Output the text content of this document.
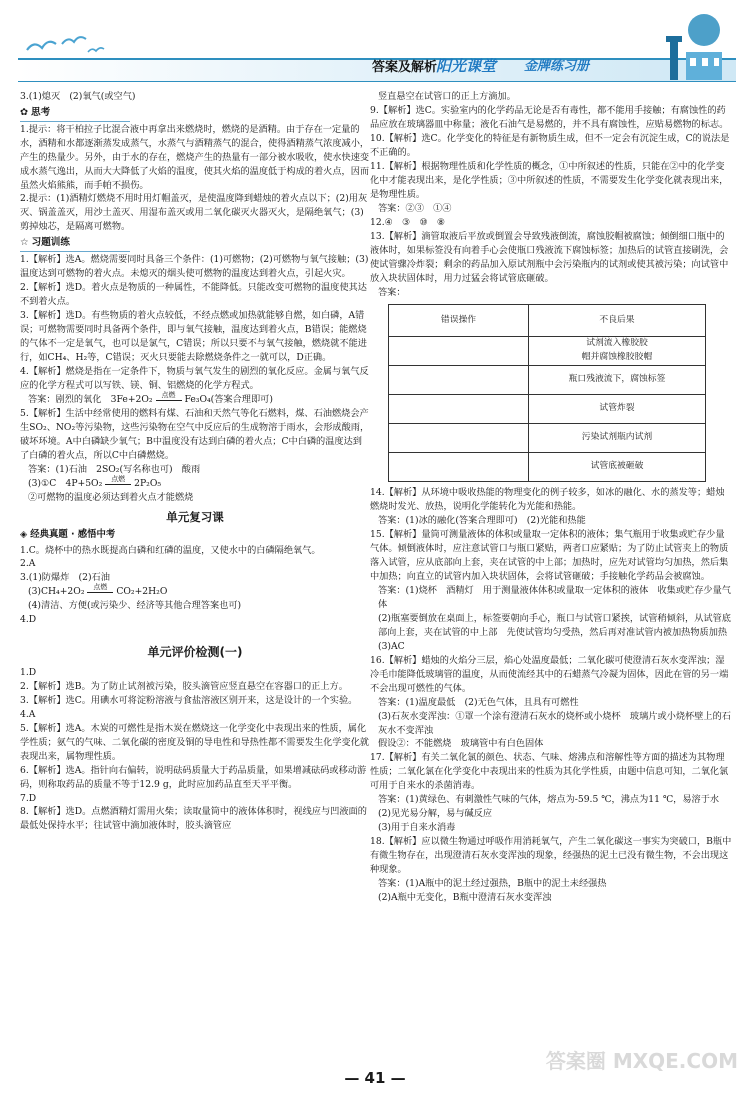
答案及解析
阳光课堂 金牌练习册

3.(1)熄灭　(2)氧气(或空气)

✿ 思考

1.提示：将干柏拉子比混合液中再拿出来燃烧时，燃烧的是酒精。由于存在一定量的水，酒精和水都逐渐蒸发成蒸气，水蒸气与酒精蒸气的混合，使得酒精蒸气浓度减小，产生的热量少。另外，由于水的存在，燃烧产生的热量有一部分被水吸收，使水快速变成水蒸气逸出，从而大大降低了火焰的温度，使其火焰的温度低于构成的着火点，因而虽然火焰熊熊，而手帕不损伤。

2.提示：(1)酒精灯燃烧不用时用灯帽盖灭，是使温度降到蜡烛的着火点以下；(2)用灰灭、锅盖盖灭，用沙土盖灭、用湿布盖灭或用二氧化碳灭火器灭火，是隔绝氧气；(3)剪掉烛芯，是隔离可燃物。

☆ 习题训练

1.【解析】选A。燃烧需要同时具备三个条件：(1)可燃物；(2)可燃物与氧气接触；(3)温度达到可燃物的着火点。未熄灭的烟头使可燃物的温度达到着火点，引起火灾。

2.【解析】选D。着火点是物质的一种属性，不能降低。只能改变可燃物的温度使其达不到着火点。

3.【解析】选D。有些物质的着火点较低，不经点燃或加热就能够自燃，如白磷，A错误；可燃物需要同时具备两个条件，即与氧气接触，温度达到着火点，B错误；能燃烧的气体不一定是氧气，也可以是氯气，C错误；所以只要不与氧气接触，燃烧就不能进行，如CH₄、H₂等，C错误；灭火只要能去除燃烧条件之一就可以，D正确。

4.【解析】燃烧是指在一定条件下，物质与氧气发生的剧烈的氧化反应。金属与氧气反应的化学方程式可以写铁、镁、铜、铝燃烧的化学方程式。

答案：剧烈的氧化　3Fe+2O₂ 点燃 Fe₃O₄(答案合理即可)

5.【解析】生活中经常使用的燃料有煤、石油和天然气等化石燃料，煤、石油燃烧会产生SO₂、NO₂等污染物，这些污染物在空气中反应后的生成物溶于雨水，会形成酸雨，破坏环境。A中白磷缺少氧气；B中温度没有达到白磷的着火点；C中白磷的温度达到了白磷的着火点，所以C中白磷燃烧。

答案：(1)石油　2SO₂(写名称也可)　酸雨

(3)①C　4P+5O₂ 点燃 2P₂O₅

②可燃物的温度必须达到着火点才能燃烧

单元复习课
◈ 经典真题 · 感悟中考

1.C。烧杯中的热水既提高白磷和红磷的温度，又使水中的白磷隔绝氧气。

2.A

3.(1)防爆炸　(2)石油

(3)CH₄+2O₂ 点燃 CO₂+2H₂O

(4)清洁、方便(或污染少、经济等其他合理答案也可)

4.D

单元评价检测(一)

1.D

2.【解析】选B。为了防止试剂被污染，胶头滴管应竖直悬空在容器口的正上方。

3.【解析】选C。用碘水可将淀粉溶液与食盐溶液区别开来，这是设计的一个实验。

4.A

5.【解析】选A。木炭的可燃性是指木炭在燃烧这一化学变化中表现出来的性质，属化学性质；氨气的气味、二氧化碳的密度及铜的导电性和导热性都不需要发生化学变化就表现出来，属物理性质。

6.【解析】选A。指针向右偏转，说明砝码质量大于药品质量，如果增减砝码或移动游码，则称取药品的质量不等于12.9 g，此时应加药品直至天平平衡。

7.D

8.【解析】选D。点燃酒精灯需用火柴；读取量筒中的液体体积时，视线应与凹液面的最低处保持水平；往试管中滴加液体时，胶头滴管应

竖直悬空在试管口的正上方滴加。

9.【解析】选C。实验室内的化学药品无论是否有毒性，都不能用手接触；有腐蚀性的药品应放在玻璃器皿中称量；液化石油气是易燃的，并不具有腐蚀性，应贴易燃物的标志。

10.【解析】选C。化学变化的特征是有新物质生成，但不一定会有沉淀生成，C的说法是不正确的。

11.【解析】根据物理性质和化学性质的概念，①中所叙述的性质，只能在②中的化学变化中才能表现出来，是化学性质；③中所叙述的性质，不需要发生化学变化就表现出来，是物理性质。

答案：②③　①④

12.④　③　⑩　⑧

13.【解析】滴管取液后平放或倒置会导致残液倒流，腐蚀胶帽被腐蚀；倾倒细口瓶中的液体时，如果标签没有向着手心会使瓶口残液流下腐蚀标签；加热后的试管直接刷洗，会使试管骤冷炸裂；剩余的药品加入原试剂瓶中会污染瓶内的试剂或使其被污染；向试管中放入块状固体时，用力过猛会将试管底砸破。

答案：

错误操作	不良后果
	试剂流入橡胶胶
帽并腐蚀橡胶胶帽
	瓶口残液流下，腐蚀标签
	试管炸裂
	污染试剂瓶内试剂
	试管底被砸破

14.【解析】从环境中吸收热能的物理变化的例子较多，如冰的融化、水的蒸发等；蜡烛燃烧时发光、放热，说明化学能转化为光能和热能。

答案：(1)冰的融化(答案合理即可)　(2)光能和热能

15.【解析】量筒可测量液体的体积或量取一定体积的液体；集气瓶用于收集或贮存少量气体。倾倒液体时，应注意试管口与瓶口紧贴，两者口应紧贴；为了防止试管夹上的物质落入试管，应从底部向上套，夹在试管的中上部；加热时，应先对试管均匀加热，然后集中加热；向直立的试管内加入块状固体，会将试管砸破；手接触化学药品会被腐蚀。

答案：(1)烧杯　酒精灯　用于测量液体体积或量取一定体积的液体　收集或贮存少量气体

(2)瓶塞要倒放在桌面上，标签要朝向手心，瓶口与试管口紧挨，试管稍倾斜，从试管底部向上套，夹在试管的中上部　先使试管均匀受热，然后再对准试管内被加热物质加热

(3)AC

16.【解析】蜡烛的火焰分三层，焰心处温度最低；二氧化碳可使澄清石灰水变浑浊；湿冷毛巾能降低玻璃管的温度，从而使流经其中的石蜡蒸气冷凝为固体，因此在管的另一端不会出现可燃性的气体。

答案：(1)温度最低　(2)无色气体，且具有可燃性

(3)石灰水变浑浊：①罩一个涂有澄清石灰水的烧杯或小烧杯　玻璃片或小烧杯壁上的石灰水不变浑浊

假设②：不能燃烧　玻璃管中有白色固体

17.【解析】有关二氧化氯的颜色、状态、气味、熔沸点和溶解性等方面的描述为其物理性质；二氧化氯在化学变化中表现出来的性质为其化学性质，由题中信息可知，二氧化氯可用于自来水的杀菌消毒。

答案：(1)黄绿色、有刺激性气味的气体，熔点为-59.5 ℃，沸点为11 ℃，易溶于水

(2)见光易分解，易与碱反应

(3)用于自来水消毒

18.【解析】应以微生物通过呼吸作用消耗氧气，产生二氧化碳这一事实为突破口，B瓶中有微生物存在，出现澄清石灰水变浑浊的现象，经强热的泥土已没有微生物，不会出现这种现象。

答案：(1)A瓶中的泥土经过强热，B瓶中的泥土未经强热

(2)A瓶中无变化，B瓶中澄清石灰水变浑浊

— 41 —
答案圈 MXQE.COM
